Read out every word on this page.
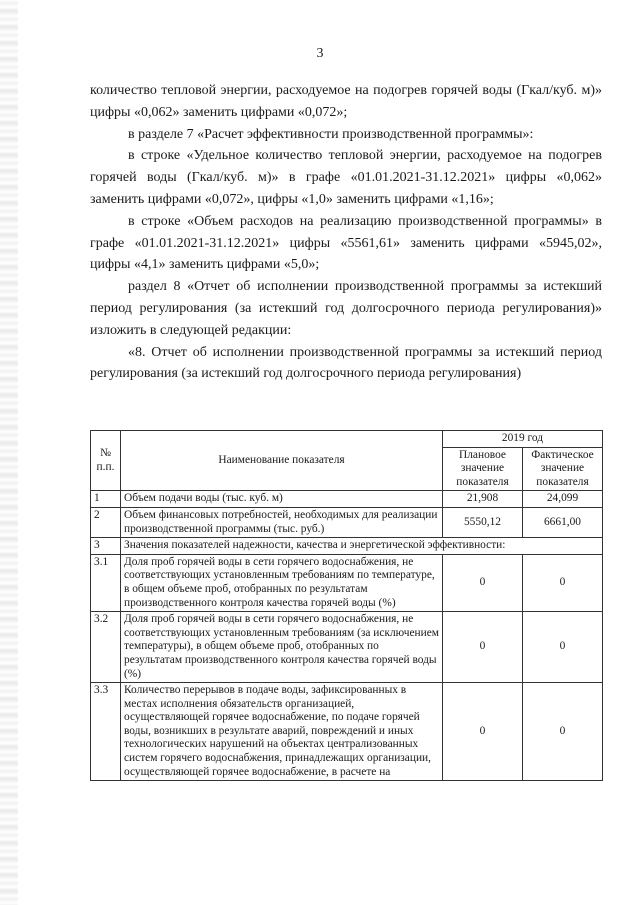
3

количество тепловой энергии, расходуемое на подогрев горячей воды (Гкал/куб. м)» цифры «0,062» заменить цифрами «0,072»;

в разделе 7 «Расчет эффективности производственной программы»:

в строке «Удельное количество тепловой энергии, расходуемое на подогрев горячей воды (Гкал/куб. м)» в графе «01.01.2021-31.12.2021» цифры «0,062» заменить цифрами «0,072», цифры «1,0» заменить цифрами «1,16»;

в строке «Объем расходов на реализацию производственной программы» в графе «01.01.2021-31.12.2021» цифры «5561,61» заменить цифрами «5945,02», цифры «4,1» заменить цифрами «5,0»;

раздел 8 «Отчет об исполнении производственной программы за истекший период регулирования (за истекший год долгосрочного периода регулирования)» изложить в следующей редакции:

«8. Отчет об исполнении производственной программы за истекший период регулирования (за истекший год долгосрочного периода регулирования)

№ п.п.	Наименование показателя	2019 год	
		Плановое значение показателя	Фактическое значение показателя
1	Объем подачи воды (тыс. куб. м)	21,908	24,099
2	Объем финансовых потребностей, необходимых для реализации производственной программы (тыс. руб.)	5550,12	6661,00
3	Значения показателей надежности, качества и энергетической эффективности:		
3.1	Доля проб горячей воды в сети горячего водоснабжения, не соответствующих установленным требованиям по температуре, в общем объеме проб, отобранных по результатам производственного контроля качества горячей воды (%)	0	0
3.2	Доля проб горячей воды в сети горячего водоснабжения, не соответствующих установленным требованиям (за исключением температуры), в общем объеме проб, отобранных по результатам производственного контроля качества горячей воды (%)	0	0
3.3	Количество перерывов в подаче воды, зафиксированных в местах исполнения обязательств организацией, осуществляющей горячее водоснабжение, по подаче горячей воды, возникших в результате аварий, повреждений и иных технологических нарушений на объектах централизованных систем горячего водоснабжения, принадлежащих организации, осуществляющей горячее водоснабжение, в расчете на	0	0
